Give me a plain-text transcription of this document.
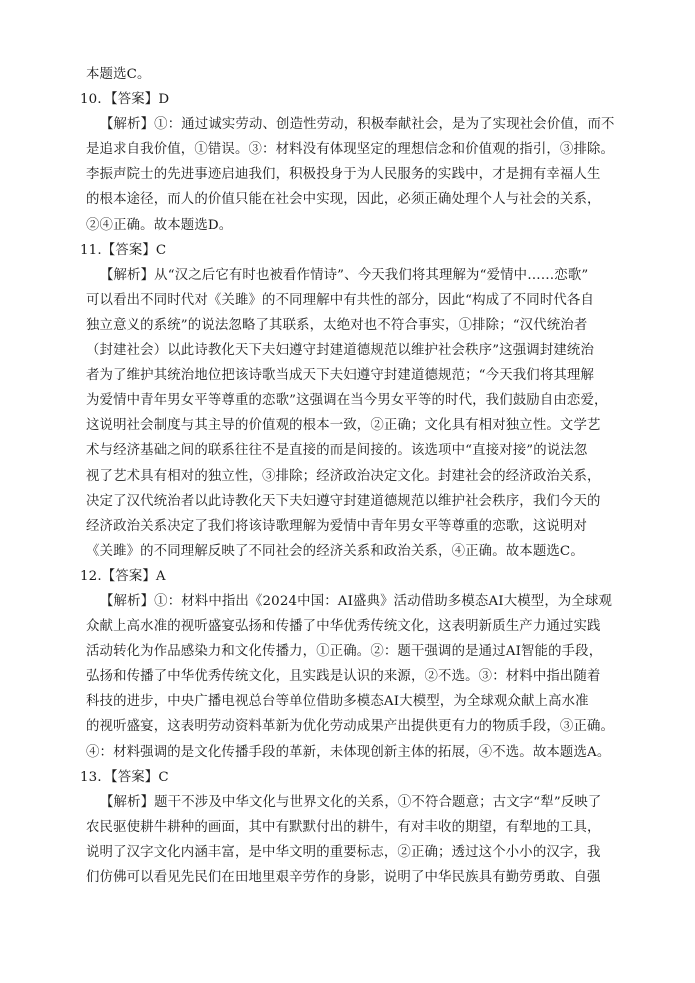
本题选C。
10．【答案】D
【解析】①：通过诚实劳动、创造性劳动，积极奉献社会，是为了实现社会价值，而不
是追求自我价值，①错误。③：材料没有体现坚定的理想信念和价值观的指引，③排除。
李振声院士的先进事迹启迪我们，积极投身于为人民服务的实践中，才是拥有幸福人生
的根本途径，而人的价值只能在社会中实现，因此，必须正确处理个人与社会的关系，
②④正确。故本题选D。
11.【答案】C
【解析】从“汉之后它有时也被看作情诗”、今天我们将其理解为“爱情中……恋歌”
可以看出不同时代对《关雎》的不同理解中有共性的部分，因此“构成了不同时代各自
独立意义的系统”的说法忽略了其联系，太绝对也不符合事实，①排除；“汉代统治者
（封建社会）以此诗教化天下夫妇遵守封建道德规范以维护社会秩序”这强调封建统治
者为了维护其统治地位把该诗歌当成天下夫妇遵守封建道德规范；“今天我们将其理解
为爱情中青年男女平等尊重的恋歌”这强调在当今男女平等的时代，我们鼓励自由恋爱，
这说明社会制度与其主导的价值观的根本一致，②正确；文化具有相对独立性。文学艺
术与经济基础之间的联系往往不是直接的而是间接的。该选项中“直接对接”的说法忽
视了艺术具有相对的独立性，③排除；经济政治决定文化。封建社会的经济政治关系，
决定了汉代统治者以此诗教化天下夫妇遵守封建道德规范以维护社会秩序，我们今天的
经济政治关系决定了我们将该诗歌理解为爱情中青年男女平等尊重的恋歌，这说明对
《关雎》的不同理解反映了不同社会的经济关系和政治关系，④正确。故本题选C。
12.【答案】A
【解析】①：材料中指出《2024中国：AI盛典》活动借助多模态AI大模型，为全球观
众献上高水准的视听盛宴弘扬和传播了中华优秀传统文化，这表明新质生产力通过实践
活动转化为作品感染力和文化传播力，①正确。②：题干强调的是通过AI智能的手段，
弘扬和传播了中华优秀传统文化，且实践是认识的来源，②不选。③：材料中指出随着
科技的进步，中央广播电视总台等单位借助多模态AI大模型，为全球观众献上高水准
的视听盛宴，这表明劳动资料革新为优化劳动成果产出提供更有力的物质手段，③正确。
④：材料强调的是文化传播手段的革新，未体现创新主体的拓展，④不选。故本题选A。
13．【答案】C
【解析】题干不涉及中华文化与世界文化的关系，①不符合题意；古文字“犁”反映了
农民驱使耕牛耕种的画面，其中有默默付出的耕牛，有对丰收的期望，有犁地的工具，
说明了汉字文化内涵丰富，是中华文明的重要标志，②正确；透过这个小小的汉字，我
们仿佛可以看见先民们在田地里艰辛劳作的身影，说明了中华民族具有勤劳勇敢、自强
